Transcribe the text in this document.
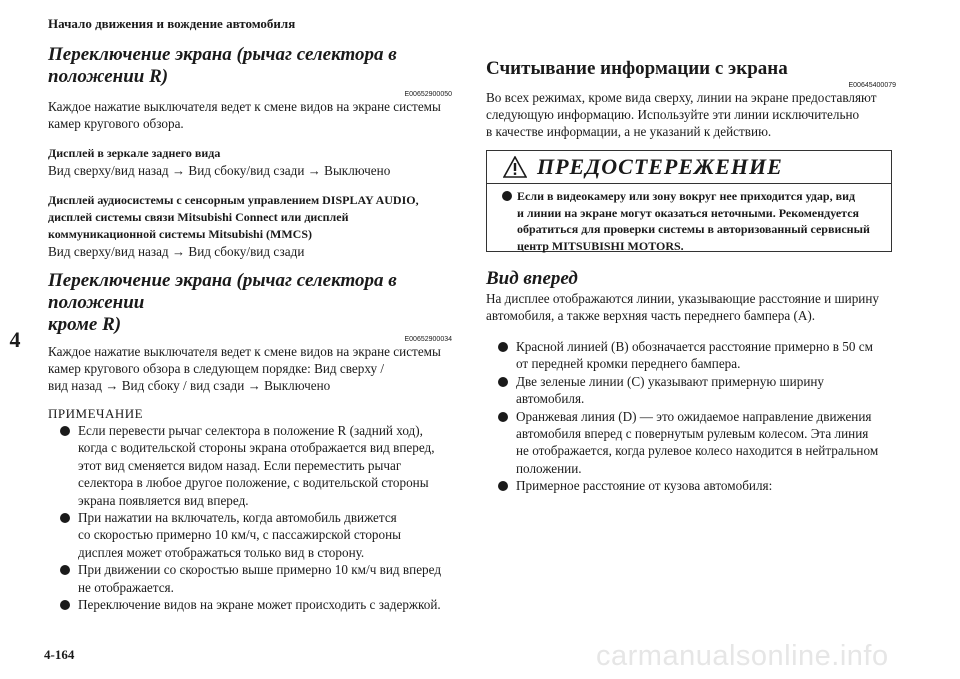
Начало движения и вождение автомобиля
4
Переключение экрана (рычаг селектора в положении R)
E00652900050
Каждое нажатие выключателя ведет к смене видов на экране системы
камер кругового обзора.
Дисплей в зеркале заднего вида
Вид сверху/вид назад → Вид сбоку/вид сзади → Выключено
Дисплей аудиосистемы с сенсорным управлением DISPLAY AUDIO,
дисплей системы связи Mitsubishi Connect или дисплей
коммуникационной системы Mitsubishi (MMCS)
Вид сверху/вид назад → Вид сбоку/вид сзади
Переключение экрана (рычаг селектора в положении
кроме R)
E00652900034
Каждое нажатие выключателя ведет к смене видов на экране системы
камер кругового обзора в следующем порядке: Вид сверху /
вид назад → Вид сбоку / вид сзади → Выключено
ПРИМЕЧАНИЕ
Если перевести рычаг селектора в положение R (задний ход),
когда с водительской стороны экрана отображается вид вперед,
этот вид сменяется видом назад. Если переместить рычаг
селектора в любое другое положение, с водительской стороны
экрана появляется вид вперед.
При нажатии на включатель, когда автомобиль движется
со скоростью примерно 10 км/ч, с пассажирской стороны
дисплея может отображаться только вид в сторону.
При движении со скоростью выше примерно 10 км/ч вид вперед
не отображается.
Переключение видов на экране может происходить с задержкой.
Считывание информации с экрана
E00645400079
Во всех режимах, кроме вида сверху, линии на экране предоставляют
следующую информацию. Используйте эти линии исключительно
в качестве информации, а не указаний к действию.
ПРЕДОСТЕРЕЖЕНИЕ
Если в видеокамеру или зону вокруг нее приходится удар, вид
и линии на экране могут оказаться неточными. Рекомендуется
обратиться для проверки системы в авторизованный сервисный
центр MITSUBISHI MOTORS.
Вид вперед
На дисплее отображаются линии, указывающие расстояние и ширину
автомобиля, а также верхняя часть переднего бампера (A).
Красной линией (B) обозначается расстояние примерно в 50 см
от передней кромки переднего бампера.
Две зеленые линии (C) указывают примерную ширину
автомобиля.
Оранжевая линия (D) — это ожидаемое направление движения
автомобиля вперед с повернутым рулевым колесом. Эта линия
не отображается, когда рулевое колесо находится в нейтральном
положении.
Примерное расстояние от кузова автомобиля:
4-164	carmanualsonline.info
